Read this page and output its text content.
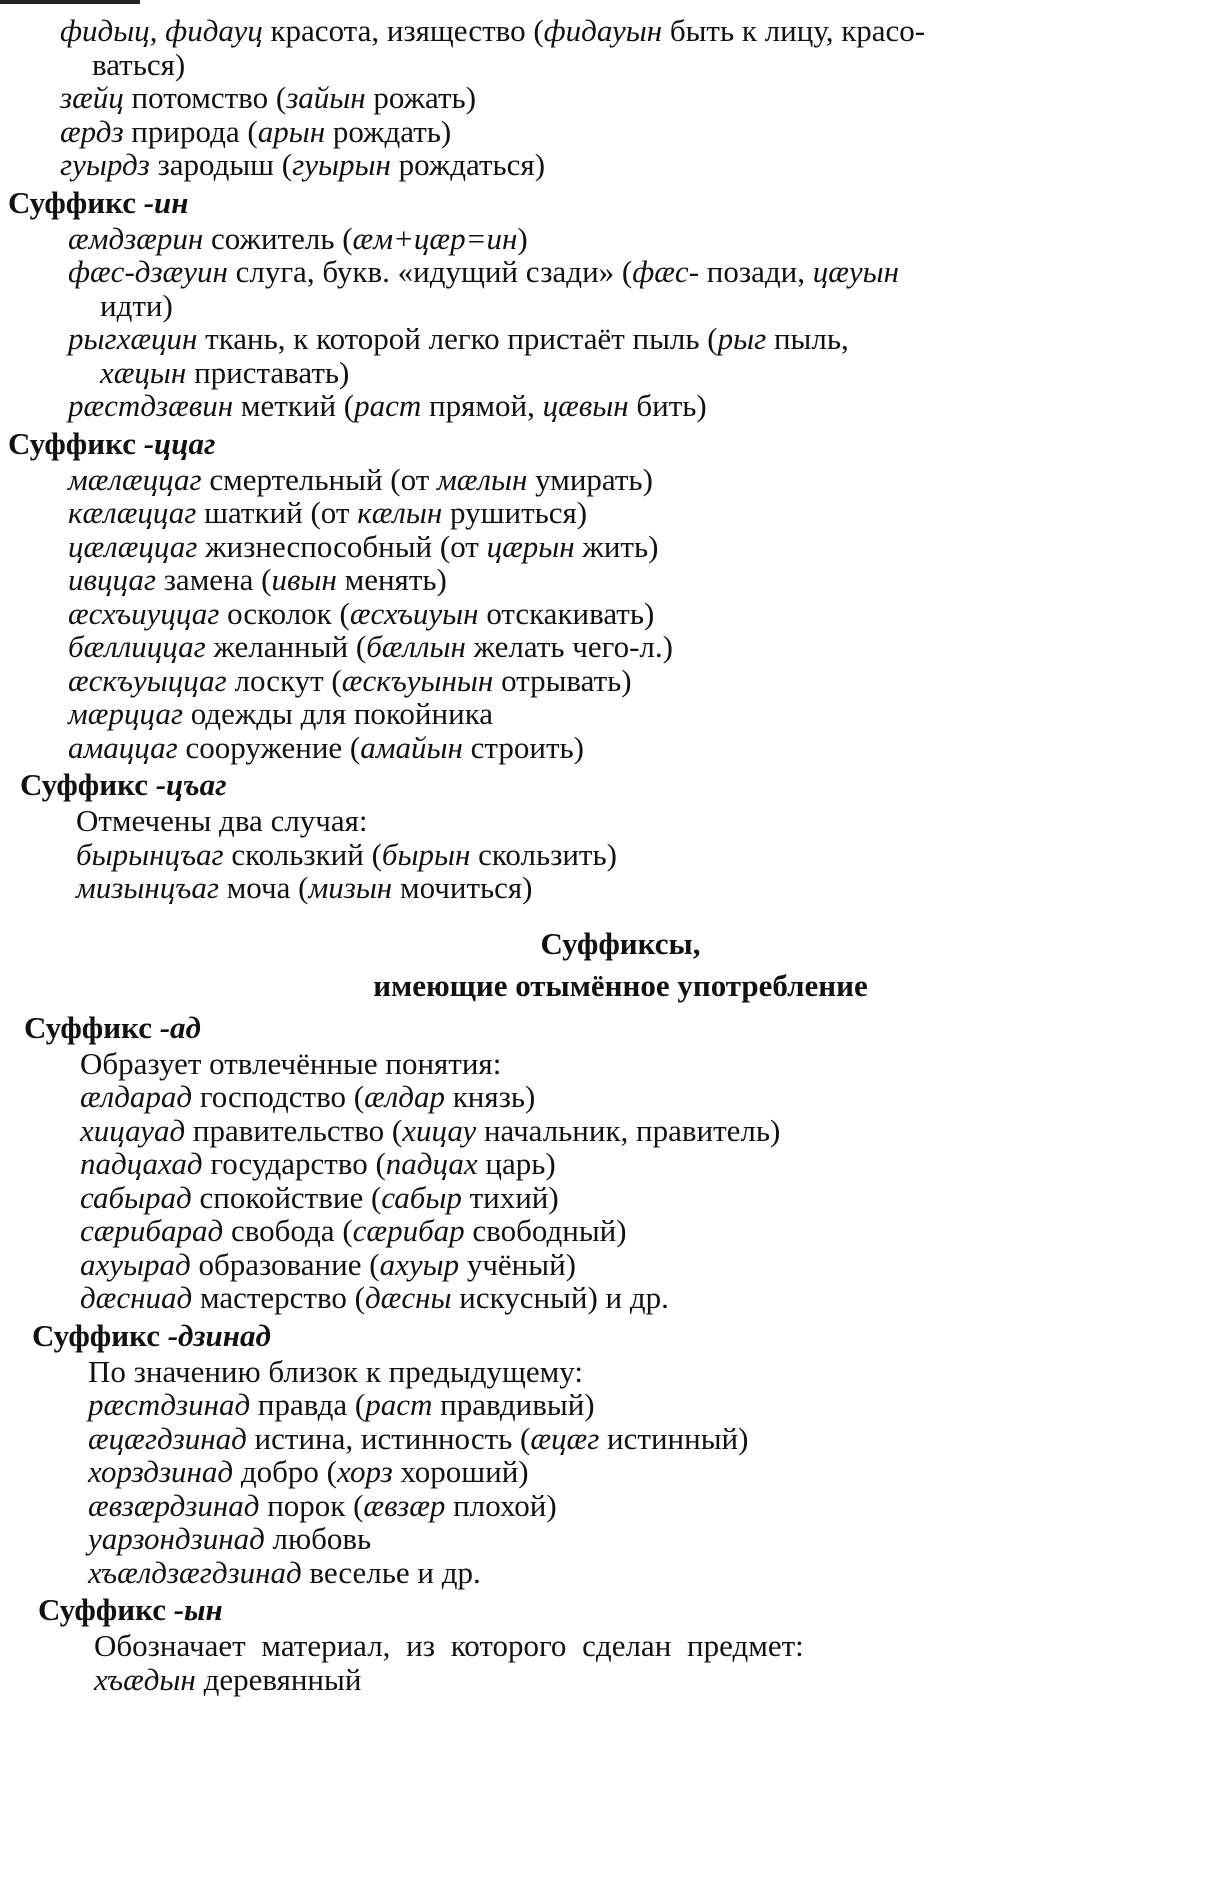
фидыц, фидауц красота, изящество (фидауын быть к лицу, красо-
ваться)
зæйц потомство (зайын рожать)
æрдз природа (арын рождать)
гуырдз зародыш (гуырын рождаться)
Суффикс -ин
æмдзæрин сожитель (æм+цæр=ин)
фæс-дзæуин слуга, букв. «идущий сзади» (фæс- позади, цæуын
идти)
рыгхæцин ткань, к которой легко пристаёт пыль (рыг пыль,
хæцын приставать)
рæстдзæвин меткий (раст прямой, цæвын бить)
Суффикс -ццаг
мæлæццаг смертельный (от мæлын умирать)
кæлæццаг шаткий (от кæлын рушиться)
цæлæццаг жизнеспособный (от цæрын жить)
ивццаг замена (ивын менять)
æсхъиуццаг осколок (æсхъиуын отскакивать)
бæллиццаг желанный (бæллын желать чего-л.)
æскъуыццаг лоскут (æскъуынын отрывать)
мæрццаг одежды для покойника
амаццаг сооружение (амайын строить)
Суффикс -цъаг
Отмечены два случая:
бырынцъаг скользкий (бырын скользить)
мизынцъаг моча (мизын мочиться)
Суффиксы,
имеющие отымённое употребление
Суффикс -ад
Образует отвлечённые понятия:
æлдарад господство (æлдар князь)
хицауад правительство (хицау начальник, правитель)
падцахад государство (падцах царь)
сабырад спокойствие (сабыр тихий)
сæрибарад свобода (сæрибар свободный)
ахуырад образование (ахуыр учёный)
дæсниад мастерство (дæсны искусный) и др.
Суффикс -дзинад
По значению близок к предыдущему:
рæстдзинад правда (раст правдивый)
æцæгдзинад истина, истинность (æцæг истинный)
хорздзинад добро (хорз хороший)
æвзæрдзинад порок (æвзæр плохой)
уарзондзинад любовь
хъæлдзæгдзинад веселье и др.
Суффикс -ын
Обозначает материал, из которого сделан предмет:
хъæдын деревянный
